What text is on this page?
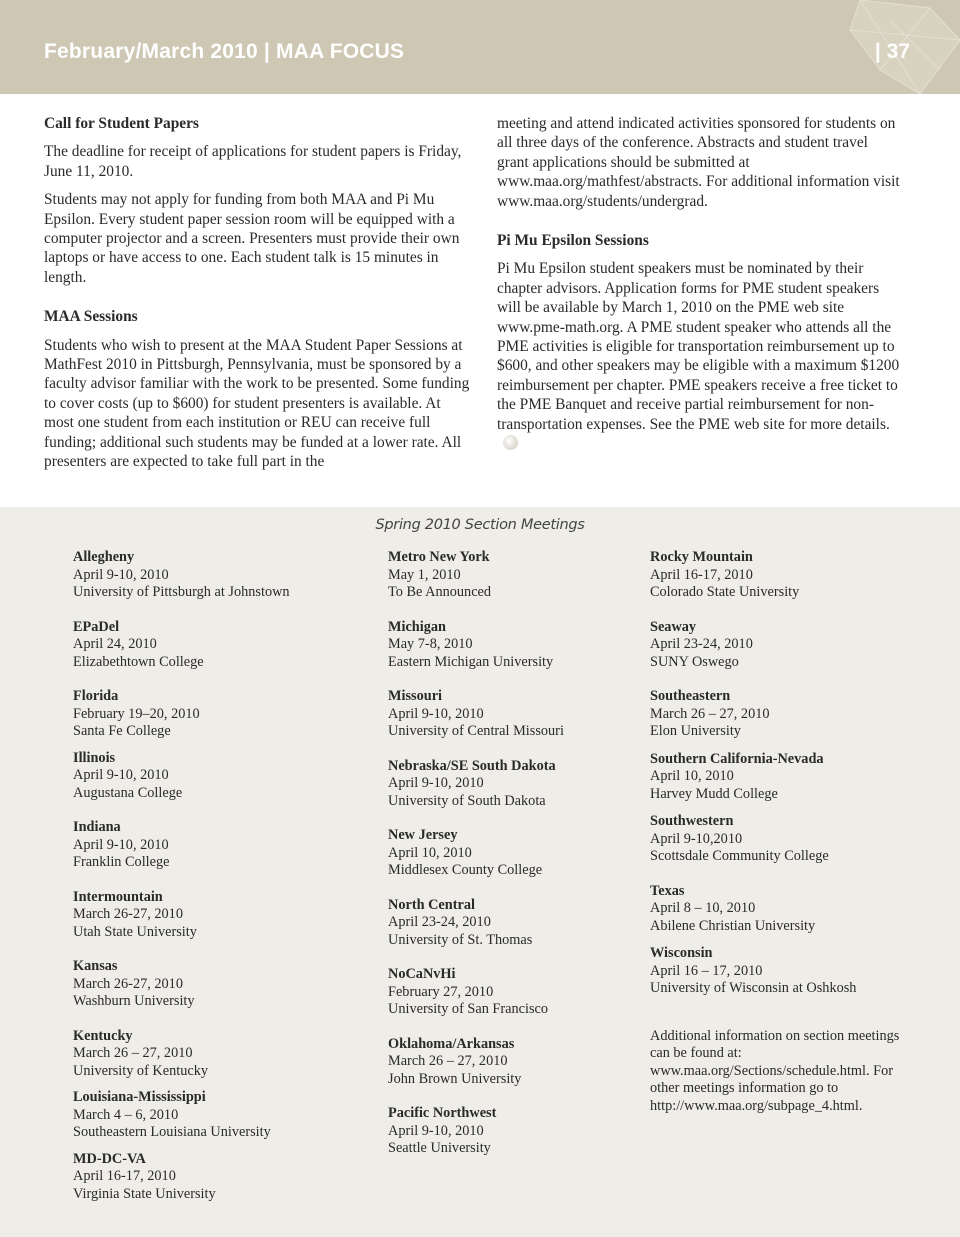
February/March 2010 | MAA FOCUS	| 37
Call for Student Papers

The deadline for receipt of applications for student papers is Friday, June 11, 2010.

Students may not apply for funding from both MAA and Pi Mu Epsilon. Every student paper session room will be equipped with a computer projector and a screen. Presenters must provide their own laptops or have access to one. Each student talk is 15 minutes in length.

MAA Sessions

Students who wish to present at the MAA Student Paper Sessions at MathFest 2010 in Pittsburgh, Pennsylvania, must be sponsored by a faculty advisor familiar with the work to be presented. Some funding to cover costs (up to $600) for student presenters is available. At most one student from each institution or REU can receive full funding; additional such students may be funded at a lower rate. All presenters are expected to take full part in the

meeting and attend indicated activities sponsored for students on all three days of the conference. Abstracts and student travel grant applications should be submitted at www.maa.org/mathfest/abstracts. For additional information visit www.maa.org/students/undergrad.

Pi Mu Epsilon Sessions

Pi Mu Epsilon student speakers must be nominated by their chapter advisors. Application forms for PME student speakers will be available by March 1, 2010 on the PME web site www.pme-math.org. A PME student speaker who attends all the PME activities is eligible for transportation reimbursement up to $600, and other speakers may be eligible with a maximum $1200 reimbursement per chapter. PME speakers receive a free ticket to the PME Banquet and receive partial reimbursement for non-transportation expenses. See the PME web site for more details.

Spring 2010 Section Meetings
Allegheny
April 9-10, 2010
University of Pittsburgh at Johnstown
EPaDel
April 24, 2010
Elizabethtown College
Florida
February 19–20, 2010
Santa Fe College
Illinois
April 9-10, 2010
Augustana College
Indiana
April 9-10, 2010
Franklin College
Intermountain
March 26-27, 2010
Utah State University
Kansas
March 26-27, 2010
Washburn University
Kentucky
March 26 – 27, 2010
University of Kentucky
Louisiana-Mississippi
March 4 – 6, 2010
Southeastern Louisiana University
MD-DC-VA
April 16-17, 2010
Virginia State University
Metro New York
May 1, 2010
To Be Announced
Michigan
May 7-8, 2010
Eastern Michigan University
Missouri
April 9-10, 2010
University of Central Missouri
Nebraska/SE South Dakota
April 9-10, 2010
University of South Dakota
New Jersey
April 10, 2010
Middlesex County College
North Central
April 23-24, 2010
University of St. Thomas
NoCaNvHi
February 27, 2010
University of San Francisco
Oklahoma/Arkansas
March 26 – 27, 2010
John Brown University
Pacific Northwest
April 9-10, 2010
Seattle University
Rocky Mountain
April 16-17, 2010
Colorado State University
Seaway
April 23-24, 2010
SUNY Oswego
Southeastern
March 26 – 27, 2010
Elon University
Southern California-Nevada
April 10, 2010
Harvey Mudd College
Southwestern
April 9-10,2010
Scottsdale Community College
Texas
April 8 – 10, 2010
Abilene Christian University
Wisconsin
April 16 – 17, 2010
University of Wisconsin at Oshkosh
Additional information on section meetings can be found at: www.maa.org/Sections/schedule.html. For other meetings information go to http://www.maa.org/subpage_4.html.
